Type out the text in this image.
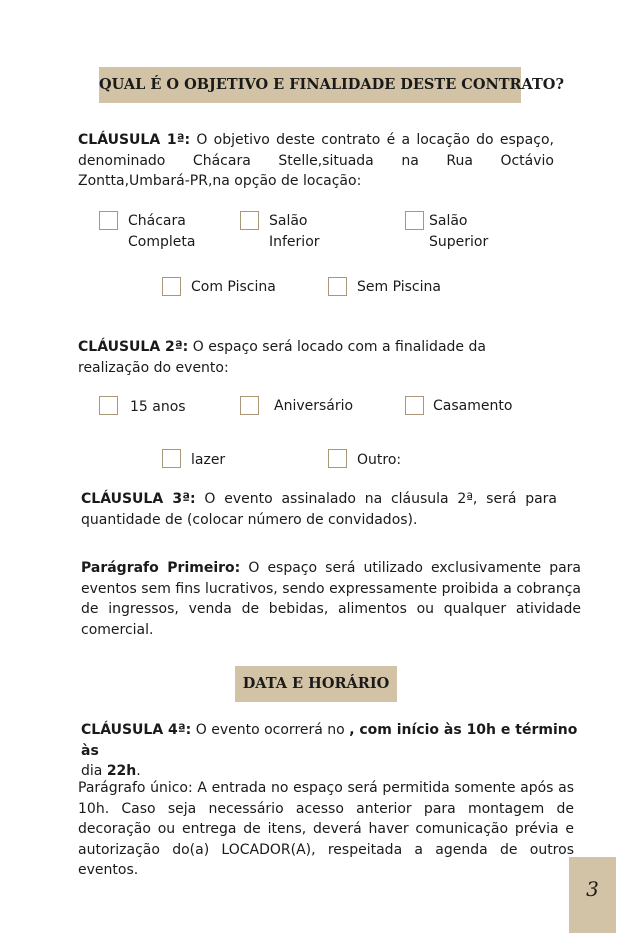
QUAL É O OBJETIVO E FINALIDADE DESTE CONTRATO?

CLÁUSULA 1ª: O objetivo deste contrato é a locação do espaço, denominado Chácara Stelle,situada na Rua Octávio Zontta,Umbará-PR,na opção de locação:

Chácara
Completa
Salão
Inferior
Salão
Superior
Com Piscina	Sem Piscina

CLÁUSULA 2ª: O espaço será locado com a finalidade da realização do evento:

15 anos	Aniversário	Casamento
lazer	Outro:

CLÁUSULA 3ª: O evento assinalado na cláusula 2ª, será para quantidade de (colocar número de convidados).

Parágrafo Primeiro: O espaço será utilizado exclusivamente para eventos sem fins lucrativos, sendo expressamente proibida a cobrança de ingressos, venda de bebidas, alimentos ou qualquer atividade comercial.

DATA E HORÁRIO

CLÁUSULA 4ª: O evento ocorrerá no , com início às 10h e término às
dia 22h.

Parágrafo único: A entrada no espaço será permitida somente após as 10h. Caso seja necessário acesso anterior para montagem de decoração ou entrega de itens, deverá haver comunicação prévia e autorização do(a) LOCADOR(A), respeitada a agenda de outros eventos.

3
